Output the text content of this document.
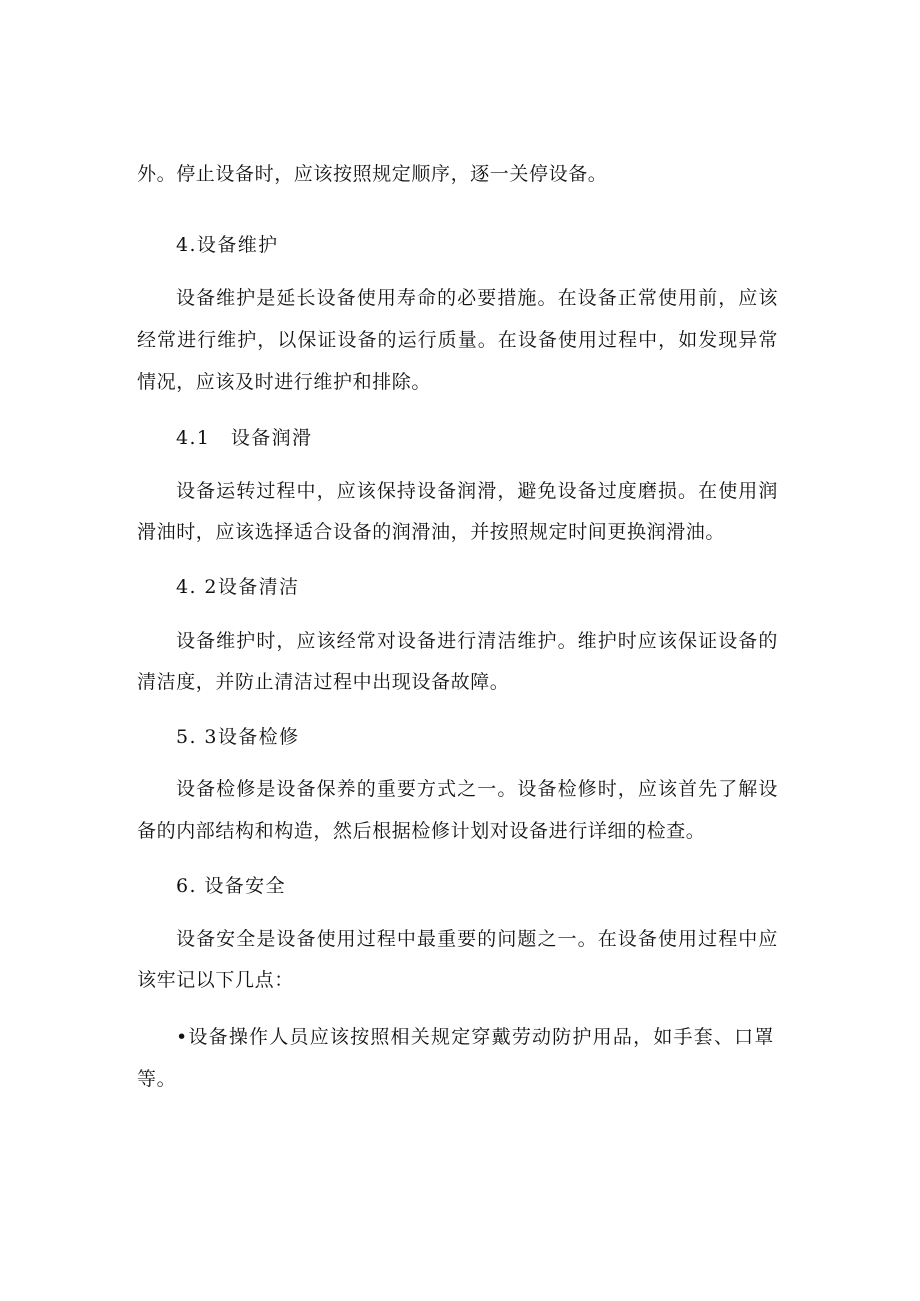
外。停止设备时，应该按照规定顺序，逐一关停设备。
4.设备维护
设备维护是延长设备使用寿命的必要措施。在设备正常使用前，应该
经常进行维护，以保证设备的运行质量。在设备使用过程中，如发现异常
情况，应该及时进行维护和排除。
4.1　设备润滑
设备运转过程中，应该保持设备润滑，避免设备过度磨损。在使用润
滑油时，应该选择适合设备的润滑油，并按照规定时间更换润滑油。
4. 2设备清洁
设备维护时，应该经常对设备进行清洁维护。维护时应该保证设备的
清洁度，并防止清洁过程中出现设备故障。
5. 3设备检修
设备检修是设备保养的重要方式之一。设备检修时，应该首先了解设
备的内部结构和构造，然后根据检修计划对设备进行详细的检查。
6. 设备安全
设备安全是设备使用过程中最重要的问题之一。在设备使用过程中应
该牢记以下几点：
•设备操作人员应该按照相关规定穿戴劳动防护用品，如手套、口罩
等。
